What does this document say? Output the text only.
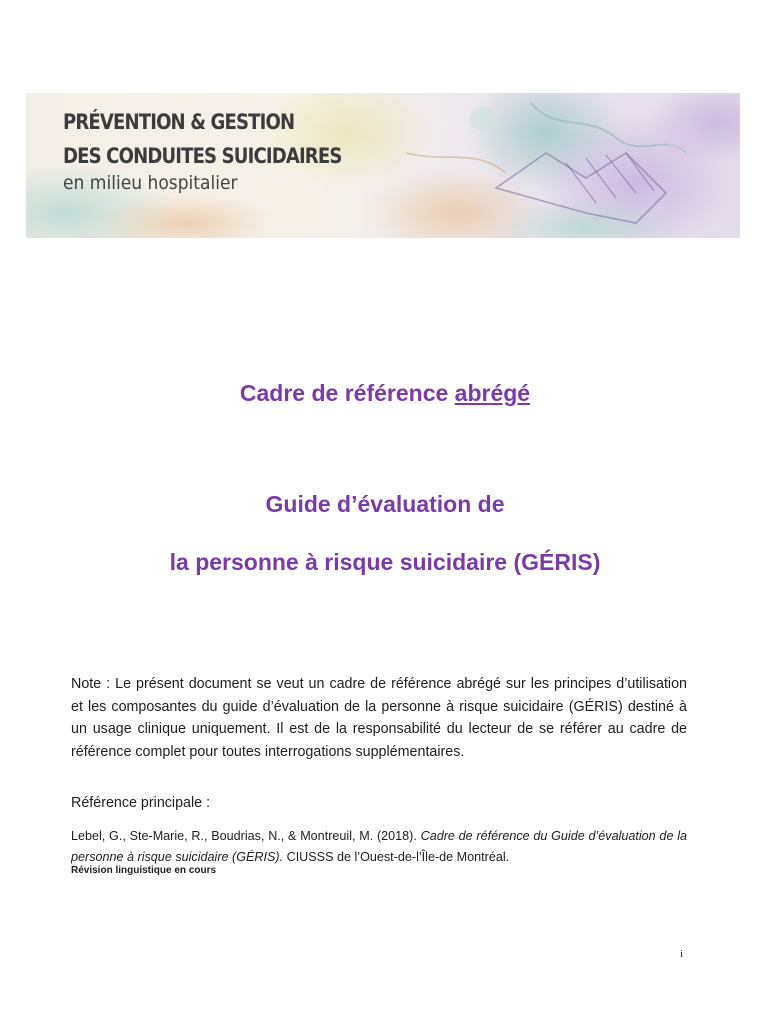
PRÉVENTION & GESTION
DES CONDUITES SUICIDAIRES
en milieu hospitalier
Cadre de référence abrégé
Guide d’évaluation de
la personne à risque suicidaire (GÉRIS)
Note : Le présent document se veut un cadre de référence abrégé sur les principes d’utilisation et les composantes du guide d’évaluation de la personne à risque suicidaire (GÉRIS) destiné à un usage clinique uniquement. Il est de la responsabilité du lecteur de se référer au cadre de référence complet pour toutes interrogations supplémentaires.
Référence principale :
Lebel, G., Ste-Marie, R., Boudrias, N., & Montreuil, M. (2018). Cadre de référence du Guide d’évaluation de la personne à risque suicidaire (GÉRIS). CIUSSS de l’Ouest-de-l’Île-de Montréal.
Révision linguistique en cours
i
